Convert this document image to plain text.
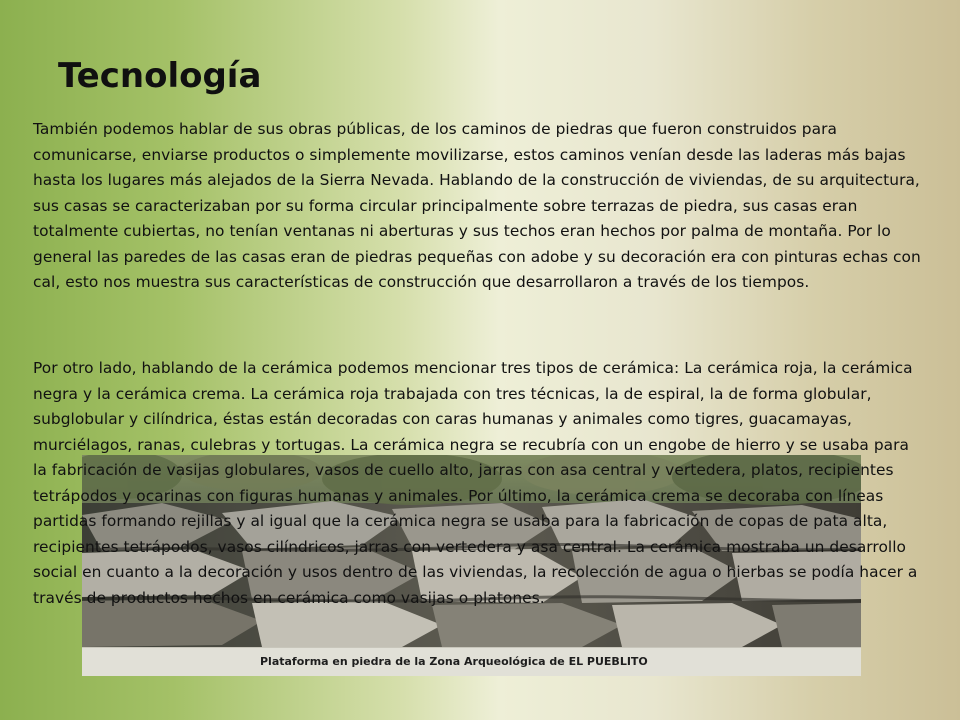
Tecnología
Plataforma en piedra de la Zona Arqueológica de EL PUEBLITO

También podemos hablar de sus obras públicas, de los caminos de piedras que fueron construidos para comunicarse, enviarse productos o simplemente movilizarse, estos caminos venían desde las laderas más bajas hasta los lugares más alejados de la Sierra Nevada. Hablando de la construcción de viviendas, de su arquitectura, sus casas se caracterizaban por su forma circular principalmente sobre terrazas de piedra, sus casas eran totalmente cubiertas, no tenían ventanas ni aberturas y sus techos eran hechos por palma de montaña. Por lo general las paredes de las casas eran de piedras pequeñas con adobe y su decoración era con pinturas echas con cal, esto nos muestra sus características de construcción que desarrollaron a través de los tiempos.

Por otro lado, hablando de la cerámica podemos mencionar tres tipos de cerámica: La cerámica roja, la cerámica negra y la cerámica crema. La cerámica roja trabajada con tres técnicas, la de espiral, la de forma globular, subglobular y cilíndrica, éstas están decoradas con caras humanas y animales como tigres, guacamayas, murciélagos, ranas, culebras y tortugas. La cerámica negra se recubría con un engobe de hierro y se usaba para la fabricación de vasijas globulares, vasos de cuello alto, jarras con asa central y vertedera, platos, recipientes tetrápodos y ocarinas con figuras humanas y animales. Por último, la cerámica crema se decoraba con líneas partidas formando rejillas y al igual que la cerámica negra se usaba para la fabricación de copas de pata alta, recipientes tetrápodos, vasos cilíndricos, jarras con vertedera y asa central. La cerámica mostraba un desarrollo social en cuanto a la decoración y usos dentro de las viviendas, la recolección de agua o hierbas se podía hacer a través de productos hechos en cerámica como vasijas o platones.
